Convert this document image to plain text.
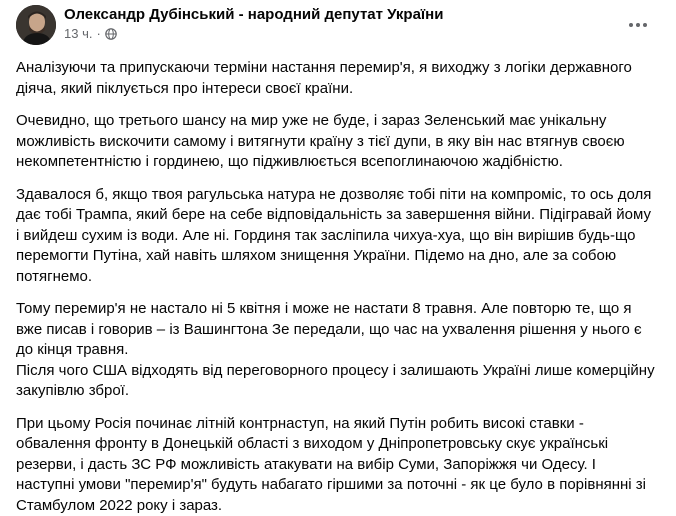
Олександр Дубінський - народний депутат України
13 ч. ·

Аналізуючи та припускаючи терміни настання перемир'я, я виходжу з логіки державного діяча, який піклується про інтереси своєї країни.

Очевидно, що третього шансу на мир уже не буде, і зараз Зеленський має унікальну можливість вискочити самому і витягнути країну з тієї дупи, в яку він нас втягнув своєю некомпетентністю і гординею, що підживлюється всепоглинаючою жадібністю.

Здавалося б, якщо твоя рагульська натура не дозволяє тобі піти на компроміс, то ось доля дає тобі Трампа, який бере на себе відповідальність за завершення війни. Підігравай йому і вийдеш сухим із води. Але ні. Гординя так засліпила чихуа-хуа, що він вирішив будь-що перемогти Путіна, хай навіть шляхом знищення України. Підемо на дно, але за собою потягнемо.

Тому перемир'я не настало ні 5 квітня і може не настати 8 травня. Але повторю те, що я вже писав і говорив – із Вашингтона Зе передали, що час на ухвалення рішення у нього є до кінця травня.

Після чого США відходять від переговорного процесу і залишають Україні лише комерційну закупівлю зброї.

При цьому Росія починає літній контрнаступ, на який Путін робить високі ставки - обвалення фронту в Донецькій області з виходом у Дніпропетровську скує українські резерви, і дасть ЗС РФ можливість атакувати на вибір Суми, Запоріжжя чи Одесу. І наступні умови "перемир'я" будуть набагато гіршими за поточні - як це було в порівнянні зі Стамбулом 2022 року і зараз.
